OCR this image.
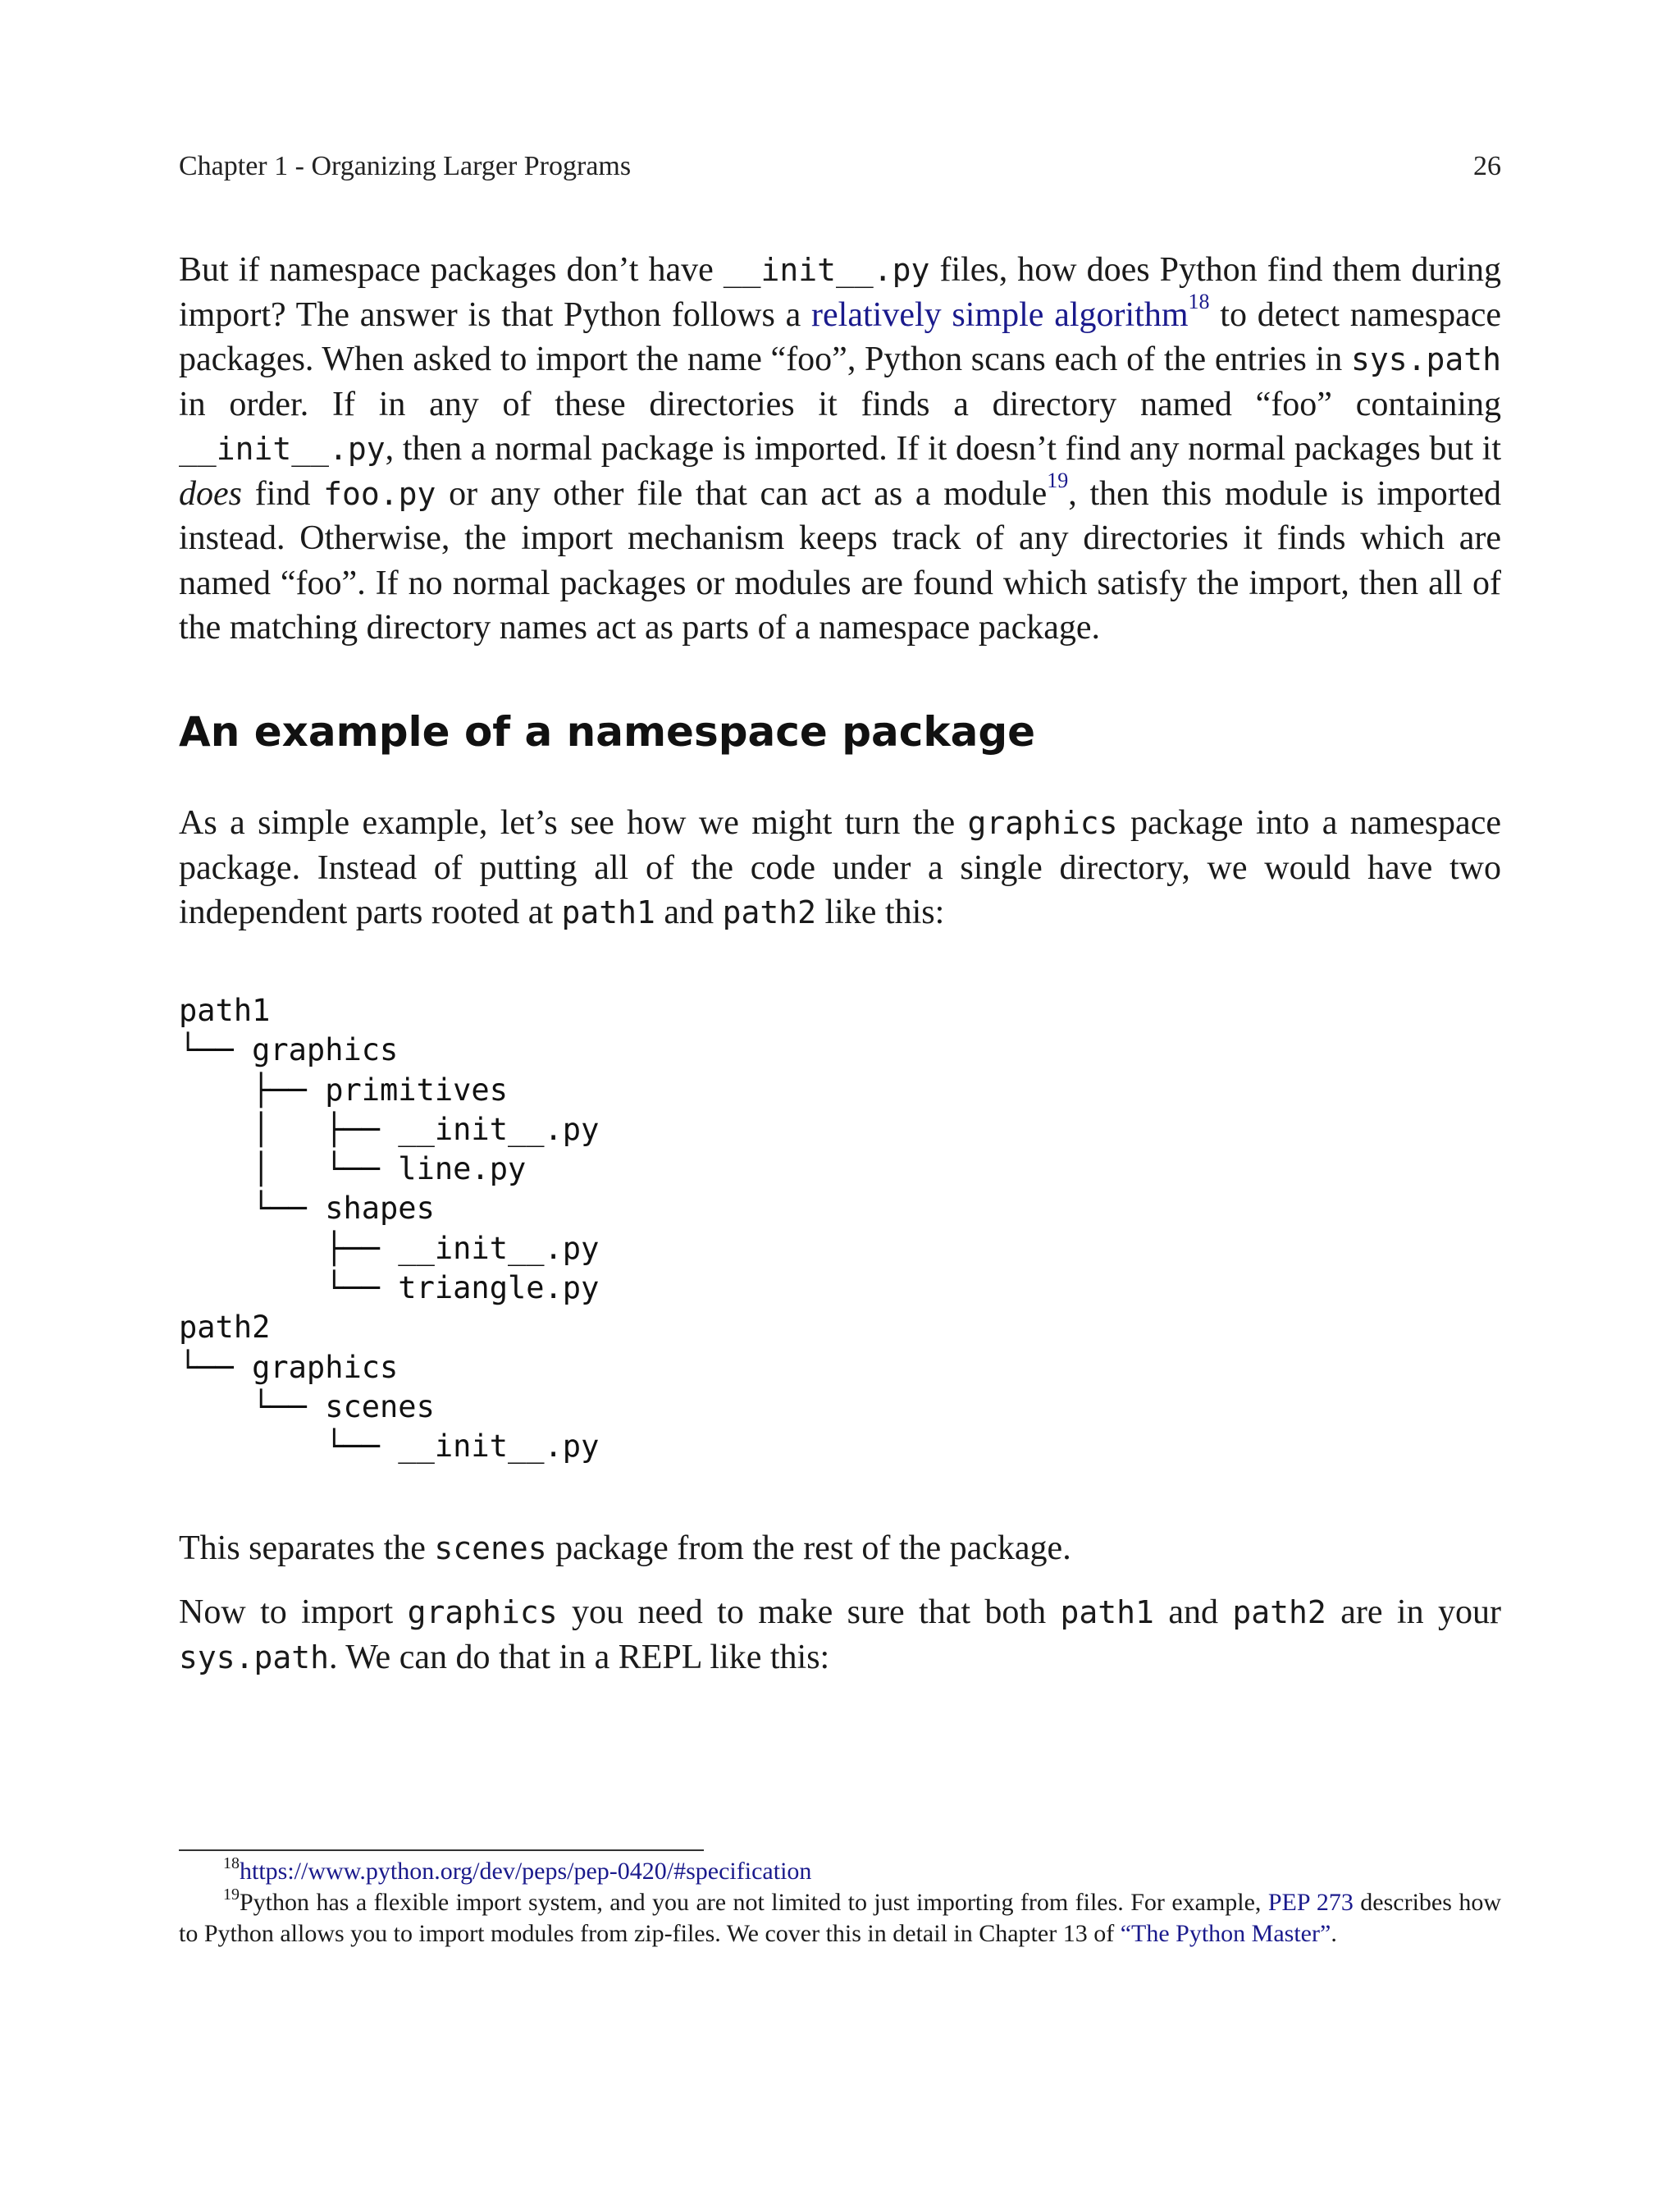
Chapter 1 - Organizing Larger Programs	26

But if namespace packages don’t have __init__.py files, how does Python find them during import? The answer is that Python follows a relatively simple algorithm$^{18}$ to detect namespace packages. When asked to import the name “foo”, Python scans each of the entries in sys.path in order. If in any of these directories it finds a directory named “foo” containing __init__.py, then a normal package is imported. If it doesn’t find any normal packages but it does find foo.py or any other file that can act as a module$^{19}$, then this module is imported instead. Otherwise, the import mechanism keeps track of any directories it finds which are named “foo”. If no normal packages or modules are found which satisfy the import, then all of the matching directory names act as parts of a namespace package.

An example of a namespace package

As a simple example, let’s see how we might turn the graphics package into a namespace package. Instead of putting all of the code under a single directory, we would have two independent parts rooted at path1 and path2 like this:

path1
└── graphics
├── primitives
│   ├── __init__.py
│   └── line.py
└── shapes
├── __init__.py
└── triangle.py
path2
└── graphics
└── scenes
└── __init__.py

This separates the scenes package from the rest of the package.

Now to import graphics you need to make sure that both path1 and path2 are in your sys.path. We can do that in a REPL like this:

$^{18}$https://www.python.org/dev/peps/pep-0420/#specification

$^{19}$Python has a flexible import system, and you are not limited to just importing from files. For example, PEP 273 describes how to Python allows you to import modules from zip-files. We cover this in detail in Chapter 13 of “The Python Master”.
